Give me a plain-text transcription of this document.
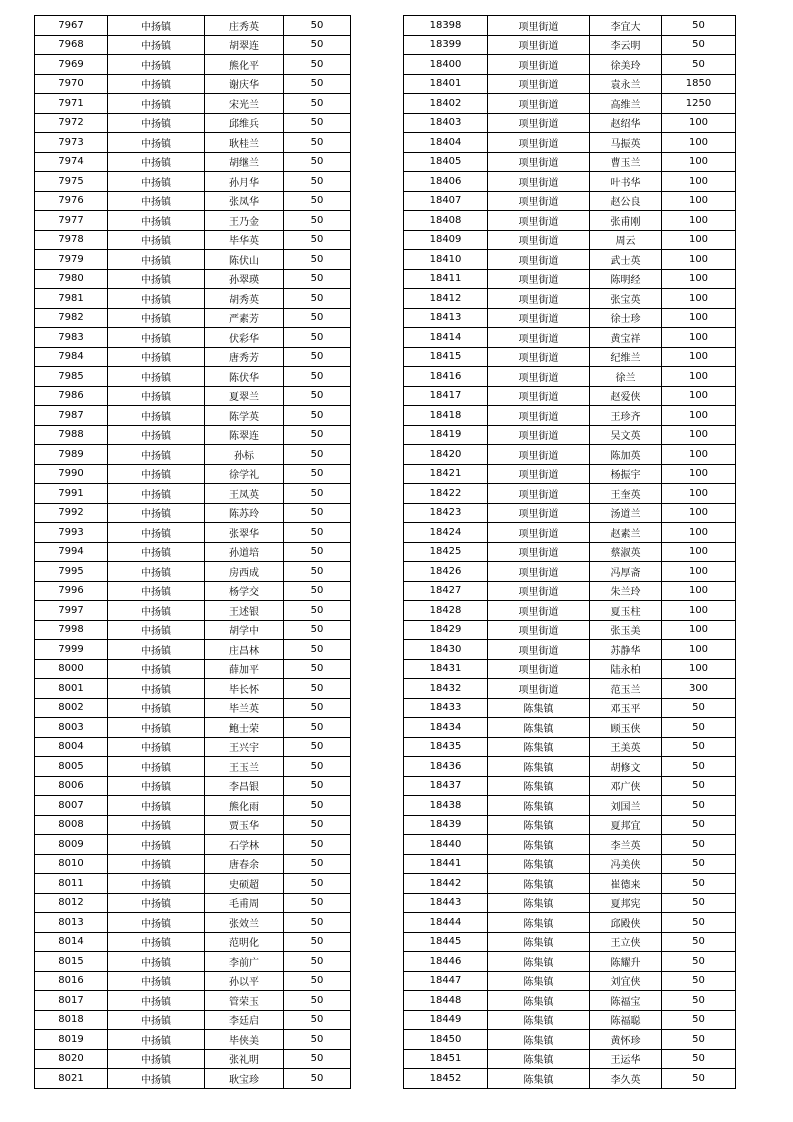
7967	中扬镇	庄秀英	50
7968	中扬镇	胡翠连	50
7969	中扬镇	熊化平	50
7970	中扬镇	谢庆华	50
7971	中扬镇	宋光兰	50
7972	中扬镇	邱维兵	50
7973	中扬镇	耿桂兰	50
7974	中扬镇	胡继兰	50
7975	中扬镇	孙月华	50
7976	中扬镇	张凤华	50
7977	中扬镇	王乃金	50
7978	中扬镇	毕华英	50
7979	中扬镇	陈伏山	50
7980	中扬镇	孙翠瑛	50
7981	中扬镇	胡秀英	50
7982	中扬镇	严素芳	50
7983	中扬镇	伏彩华	50
7984	中扬镇	唐秀芳	50
7985	中扬镇	陈伏华	50
7986	中扬镇	夏翠兰	50
7987	中扬镇	陈学英	50
7988	中扬镇	陈翠连	50
7989	中扬镇	孙标	50
7990	中扬镇	徐学礼	50
7991	中扬镇	王凤英	50
7992	中扬镇	陈苏玲	50
7993	中扬镇	张翠华	50
7994	中扬镇	孙道培	50
7995	中扬镇	房西成	50
7996	中扬镇	杨学交	50
7997	中扬镇	王述银	50
7998	中扬镇	胡学中	50
7999	中扬镇	庄昌林	50
8000	中扬镇	薛加平	50
8001	中扬镇	毕长怀	50
8002	中扬镇	毕兰英	50
8003	中扬镇	鲍士荣	50
8004	中扬镇	王兴宇	50
8005	中扬镇	王玉兰	50
8006	中扬镇	李昌银	50
8007	中扬镇	熊化雨	50
8008	中扬镇	贾玉华	50
8009	中扬镇	石学林	50
8010	中扬镇	唐春余	50
8011	中扬镇	史硕超	50
8012	中扬镇	毛甫周	50
8013	中扬镇	张效兰	50
8014	中扬镇	范明化	50
8015	中扬镇	李前广	50
8016	中扬镇	孙以平	50
8017	中扬镇	管荣玉	50
8018	中扬镇	李廷启	50
8019	中扬镇	毕侠美	50
8020	中扬镇	张礼明	50
8021	中扬镇	耿宝珍	50
18398	项里街道	李宜大	50
18399	项里街道	李云明	50
18400	项里街道	徐美玲	50
18401	项里街道	袁永兰	1850
18402	项里街道	高维兰	1250
18403	项里街道	赵绍华	100
18404	项里街道	马振英	100
18405	项里街道	曹玉兰	100
18406	项里街道	叶书华	100
18407	项里街道	赵公良	100
18408	项里街道	张甫刚	100
18409	项里街道	周云	100
18410	项里街道	武士英	100
18411	项里街道	陈明经	100
18412	项里街道	张宝英	100
18413	项里街道	徐士珍	100
18414	项里街道	黄宝祥	100
18415	项里街道	纪维兰	100
18416	项里街道	徐兰	100
18417	项里街道	赵爱侠	100
18418	项里街道	王珍齐	100
18419	项里街道	吴文英	100
18420	项里街道	陈加英	100
18421	项里街道	杨振宇	100
18422	项里街道	王奎英	100
18423	项里街道	汤道兰	100
18424	项里街道	赵素兰	100
18425	项里街道	蔡淑英	100
18426	项里街道	冯厚斋	100
18427	项里街道	朱兰玲	100
18428	项里街道	夏玉柱	100
18429	项里街道	张玉美	100
18430	项里街道	苏静华	100
18431	项里街道	陆永柏	100
18432	项里街道	范玉兰	300
18433	陈集镇	邓玉平	50
18434	陈集镇	顾玉侠	50
18435	陈集镇	王美英	50
18436	陈集镇	胡修文	50
18437	陈集镇	邓广侠	50
18438	陈集镇	刘国兰	50
18439	陈集镇	夏邦宜	50
18440	陈集镇	李兰英	50
18441	陈集镇	冯美侠	50
18442	陈集镇	崔德来	50
18443	陈集镇	夏邦宪	50
18444	陈集镇	邱殿侠	50
18445	陈集镇	王立侠	50
18446	陈集镇	陈耀升	50
18447	陈集镇	刘宜侠	50
18448	陈集镇	陈福宝	50
18449	陈集镇	陈福聪	50
18450	陈集镇	黄怀珍	50
18451	陈集镇	王运华	50
18452	陈集镇	李久英	50
